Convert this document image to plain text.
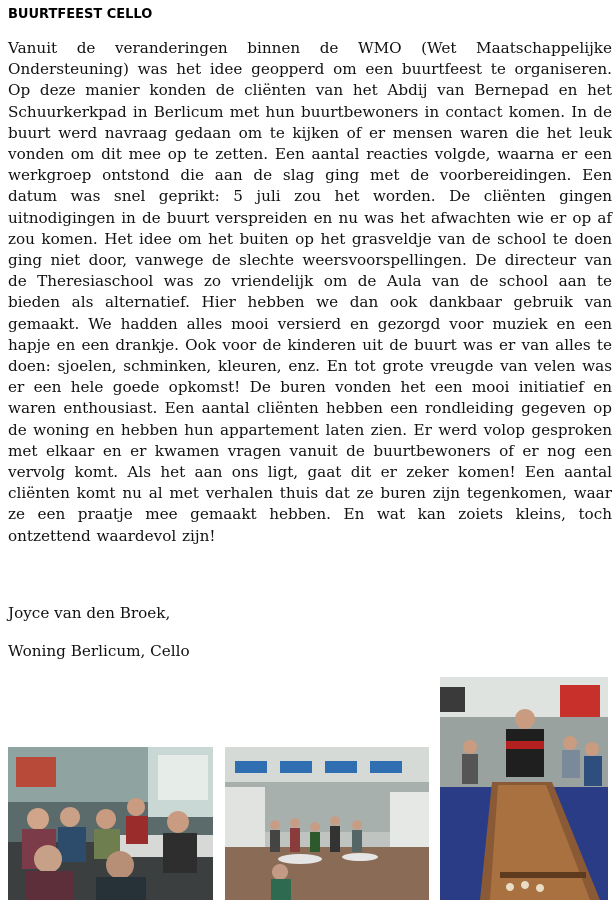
BUURTFEEST CELLO

Vanuit de veranderingen binnen de WMO (Wet Maatschappelijke Ondersteuning) was het idee geopperd om een buurtfeest te organiseren. Op deze manier konden de cliënten van het Abdij van Bernepad en het Schuurkerkpad in Berlicum met hun buurtbewoners in contact komen. In de buurt werd navraag gedaan om te kijken of er mensen waren die het leuk vonden om dit mee op te zetten. Een aantal reacties volgde, waarna er een werkgroep ontstond die aan de slag ging met de voorbereidingen. Een datum was snel geprikt: 5 juli zou het worden. De cliënten gingen uitnodigingen in de buurt verspreiden en nu was het afwachten wie er op af zou komen. Het idee om het buiten op het grasveldje van de school te doen ging niet door, vanwege de slechte weersvoorspellingen. De directeur van de Theresiaschool was zo vriendelijk om de Aula van de school aan te bieden als alternatief. Hier hebben we dan ook dankbaar gebruik van gemaakt. We hadden alles mooi versierd en gezorgd voor muziek en een hapje en een drankje. Ook voor de kinderen uit de buurt was er van alles te doen: sjoelen, schminken, kleuren, enz. En tot grote vreugde van velen was er een hele goede opkomst! De buren vonden het een mooi initiatief en waren enthousiast. Een aantal cliënten hebben een rondleiding gegeven op de woning en hebben hun appartement laten zien. Er werd volop gesproken met elkaar en er kwamen vragen vanuit de buurtbewoners of er nog een vervolg komt. Als het aan ons ligt, gaat dit er zeker komen! Een aantal cliënten komt nu al met verhalen thuis dat ze buren zijn tegenkomen, waar ze een praatje mee gemaakt hebben. En wat kan zoiets kleins, toch ontzettend waardevol zijn!

Joyce van den Broek,

Woning Berlicum, Cello
